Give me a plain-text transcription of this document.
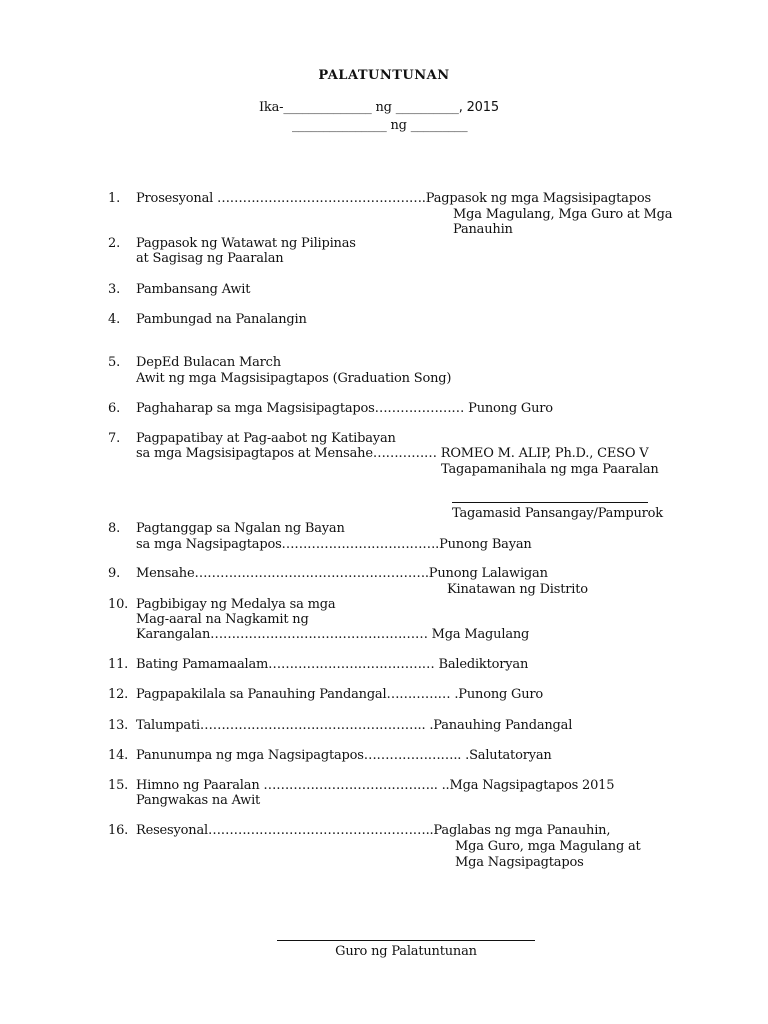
PALATUNTUNAN
Ika-______________ ng __________, 2015
_______________ ng _________
1.	Prosesyonal ………………………………………….Pagpasok ng mga Magsisipagtapos
Mga Magulang, Mga Guro at Mga
Panauhin
2.	Pagpasok ng Watawat ng Pilipinas
at Sagisag ng Paaralan
3.	Pambansang Awit
4.	Pambungad na Panalangin
5.	DepEd Bulacan March
Awit ng mga Magsisipagtapos (Graduation Song)
6.	Paghaharap sa mga Magsisipagtapos………………… Punong Guro
7.	Pagpapatibay at Pag-aabot ng Katibayan
sa mga Magsisipagtapos at Mensahe…………… ROMEO M. ALIP, Ph.D., CESO V
Tagapamanihala ng mga Paaralan
Tagamasid Pansangay/Pampurok
8.	Pagtanggap sa Ngalan ng Bayan
sa mga Nagsipagtapos……………………………….Punong Bayan
9.	Mensahe……………………………………………….Punong Lalawigan
Kinatawan ng Distrito
10. Pagbibigay ng Medalya sa mga
Mag-aaral na Nagkamit ng
Karangalan…………………………………………… Mga Magulang
11. Bating Pamamaalam………………………………… Balediktoryan
12. Pagpapakilala sa Panauhing Pandangal…………… .Punong Guro
13. Talumpati…………………………………………….. .Panauhing Pandangal
14. Panunumpa ng mga Nagsipagtapos………………….. .Salutatoryan
15. Himno ng Paaralan ………………………………….. ..Mga Nagsipagtapos 2015
Pangwakas na Awit
16. Resesyonal……………………………………………..Paglabas ng mga Panauhin,
Mga Guro, mga Magulang at
Mga Nagsipagtapos
Guro ng Palatuntunan
